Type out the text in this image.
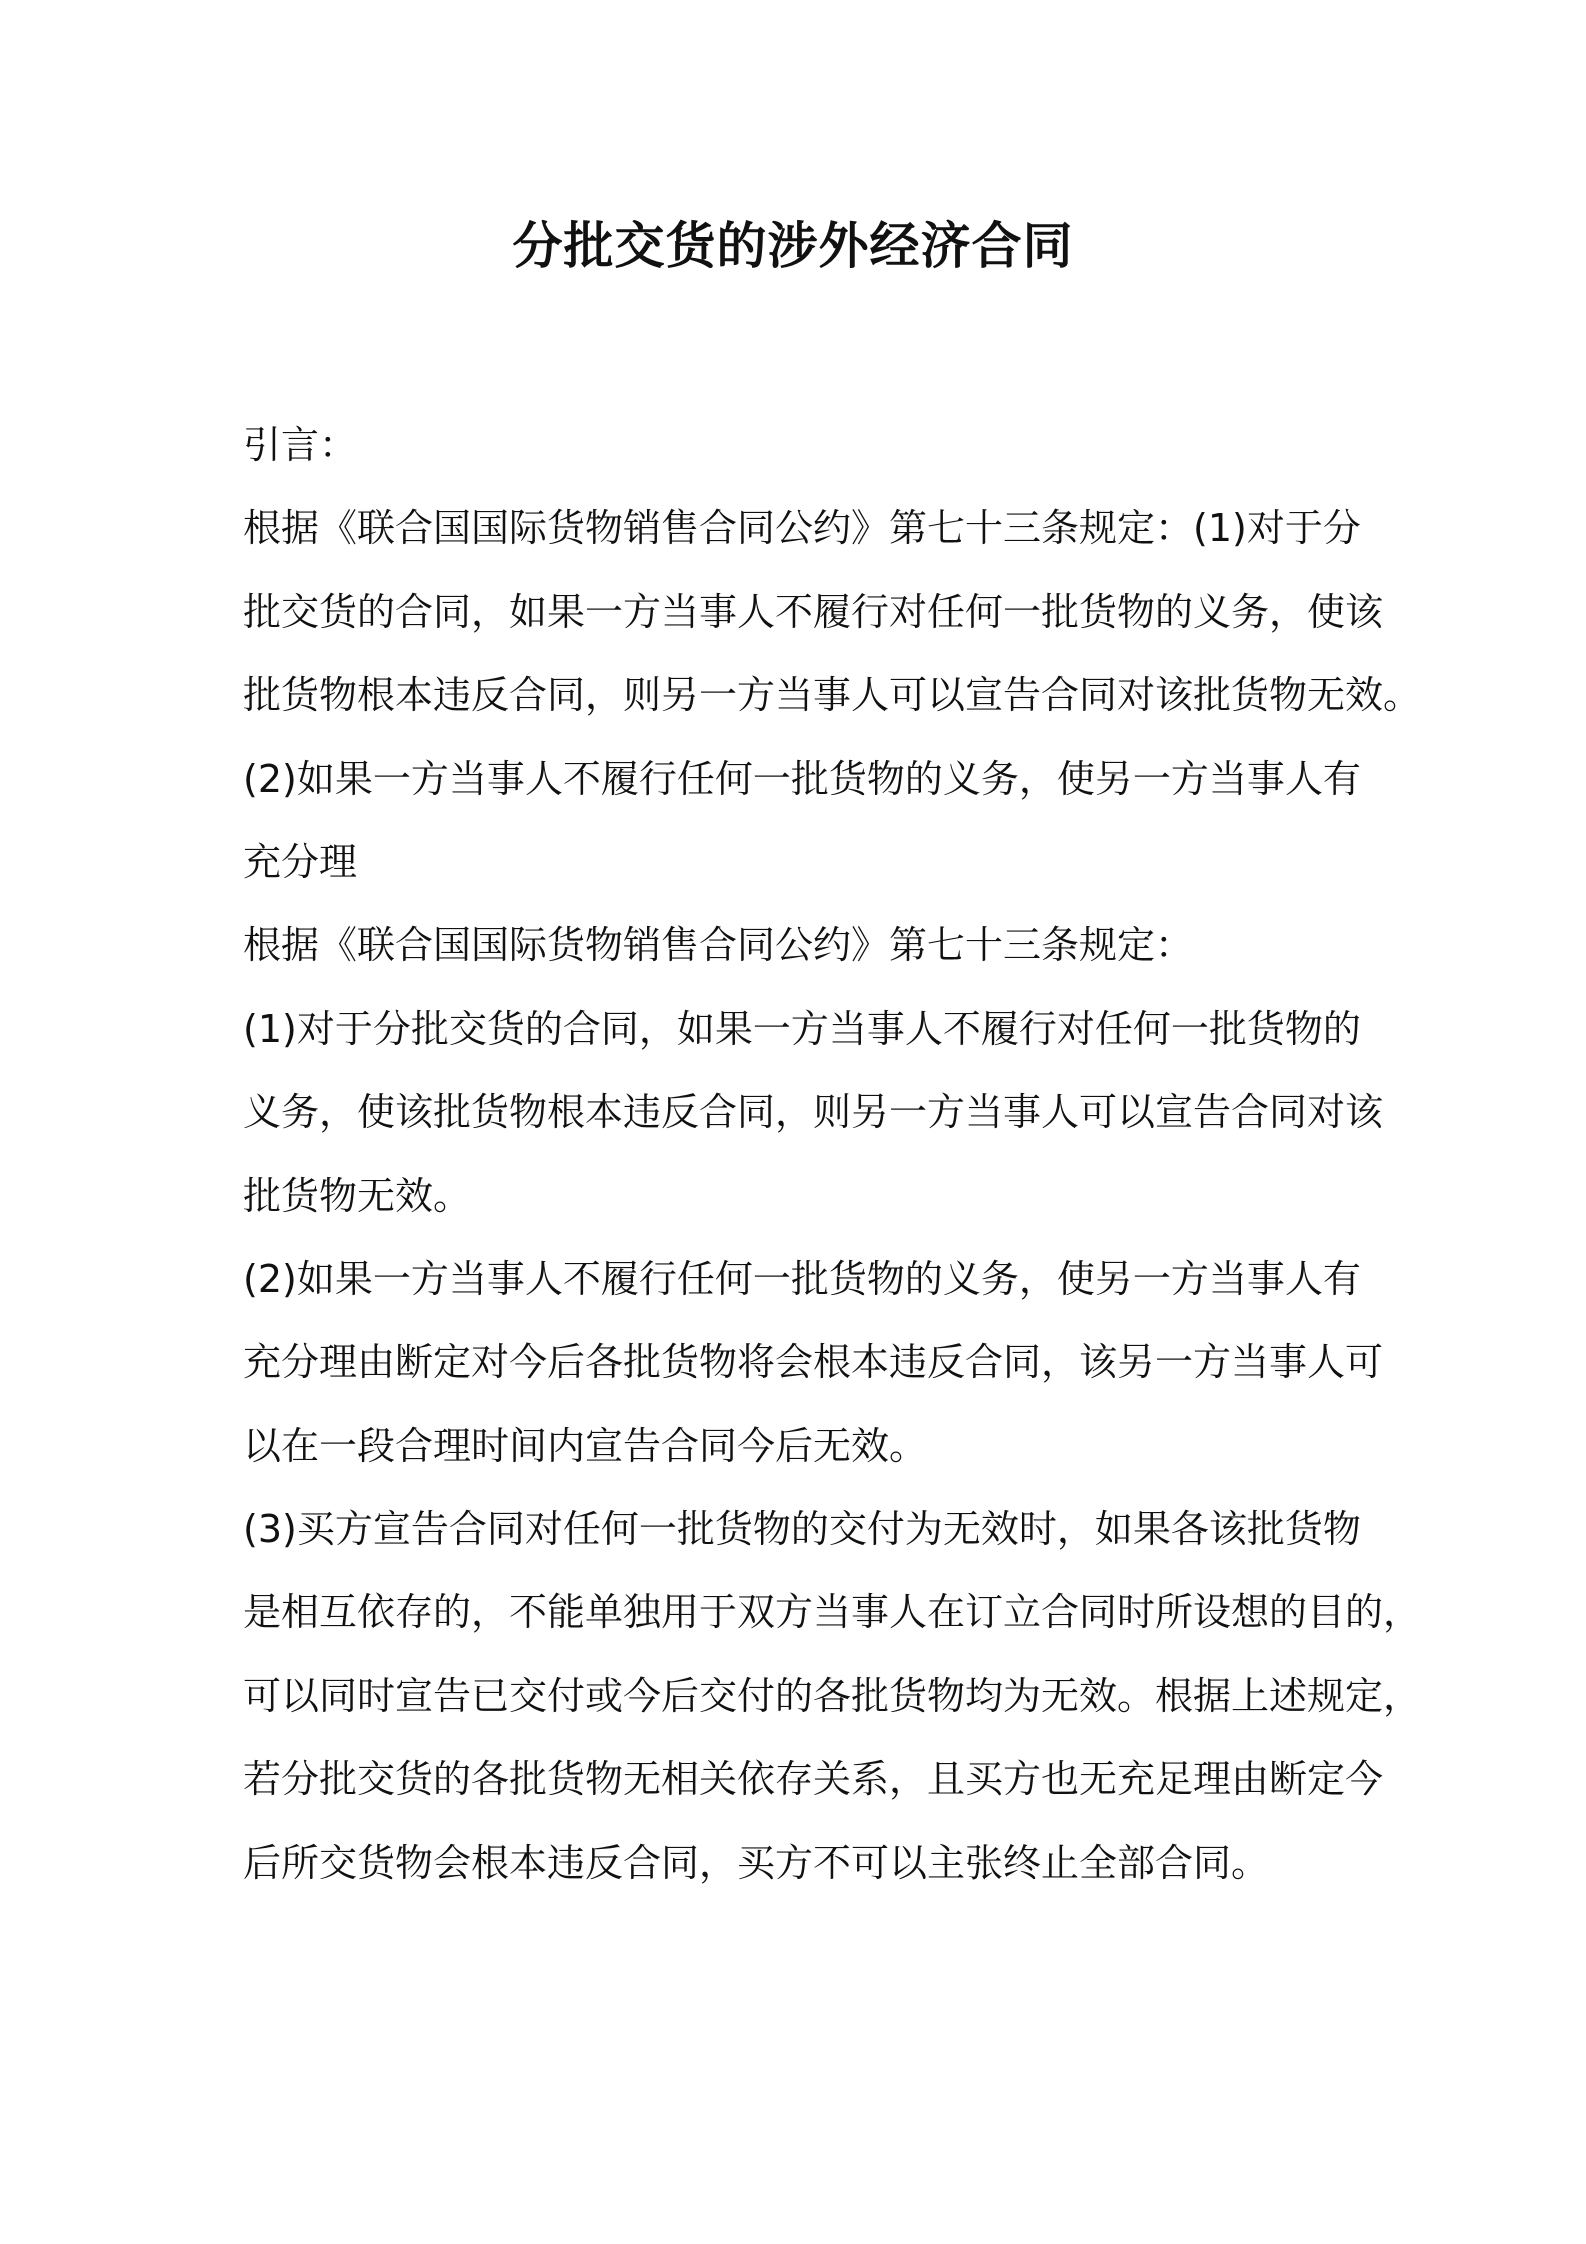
分批交货的涉外经济合同
引言：
根据《联合国国际货物销售合同公约》第七十三条规定：(1)对于分
批交货的合同，如果一方当事人不履行对任何一批货物的义务，使该
批货物根本违反合同，则另一方当事人可以宣告合同对该批货物无效。
(2)如果一方当事人不履行任何一批货物的义务，使另一方当事人有
充分理
根据《联合国国际货物销售合同公约》第七十三条规定：
(1)对于分批交货的合同，如果一方当事人不履行对任何一批货物的
义务，使该批货物根本违反合同，则另一方当事人可以宣告合同对该
批货物无效。
(2)如果一方当事人不履行任何一批货物的义务，使另一方当事人有
充分理由断定对今后各批货物将会根本违反合同，该另一方当事人可
以在一段合理时间内宣告合同今后无效。
(3)买方宣告合同对任何一批货物的交付为无效时，如果各该批货物
是相互依存的，不能单独用于双方当事人在订立合同时所设想的目的，
可以同时宣告已交付或今后交付的各批货物均为无效。根据上述规定，
若分批交货的各批货物无相关依存关系，且买方也无充足理由断定今
后所交货物会根本违反合同，买方不可以主张终止全部合同。
